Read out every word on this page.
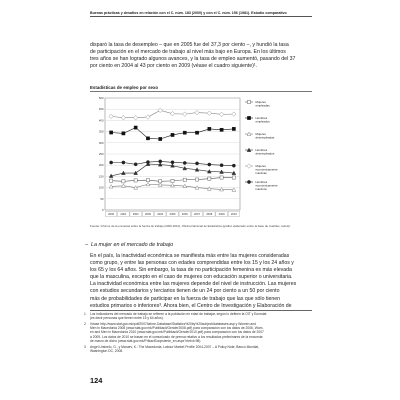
Buenas prácticas y desafíos en relación con el C. núm. 183 (2000) y con el C. núm. 156 (1981). Estudio comparativo

disparó la tasa de desempleo – que en 2005 fue del 37,3 por ciento –, y hundió la tasa
de participación en el mercado de trabajo al nivel más bajo en Europa. En los últimos
tres años se han logrado algunos avances, y la tasa de empleo aumentó, pasando del 37
por ciento en 2004 al 43 por ciento en 2009 (véase el cuadro siguiente)¹.

Estadísticas de empleo por sexo
0
50
100
150
200
250
300
350
400
450
500
2000 2001 2002 2003 2004 2005 2006 2007 2008 2009 2010
Mujeres
empleadas
Hombres
empleados
Mujeres
desempleadas
Hombres
desempleados
Mujeres
económicamente
inactivas
Hombres
económicamente
inactivos
Fuente: Informe de la encuesta sobre la fuerza de trabajo (2000-2010), Oficina Nacional de Estadística (gráfico elaborado sobre la base de cuartiles, todos)².
–  La mujer en el mercado de trabajo

En el país, la inactividad económica se manifiesta más entre las mujeres consideradas
como grupo, y entre las personas con edades comprendidas entre los 15 y los 24 años y
los 65 y los 64 años. Sin embargo, la tasa de no participación femenina es más elevada
que la masculina, excepto en el caso de mujeres con educación superior o universitaria.
La inactividad económica entre las mujeres depende del nivel de instrucción. Las mujeres
con estudios secundarios y terciarios tienen de un 24 por ciento a un 50 por ciento
más de probabilidades de participar en la fuerza de trabajo que las que sólo tienen
estudios primarios o inferiores³. Ahora bien, el Centro de Investigación y Elaboración de

1 Los indicadores del mercado de trabajo se refieren a la población en edad de trabajar, según lo definen la OIT y Eurostat
(es decir personas que tienen entre 15 y 64 años).

2 Véase http://www.stat.gov.mk/pdf/2007/lafore-Database/Statistics%20by%20subject/databases.asp y Women and
Men in Macedonia 2008 (www.stat.gov.mk/Publikacii/Gender2008.pdf) para comparación con los datos de 2006, Wom-
en and Men in Macedonia 2010 (www.stat.gov.mk/Publikacii/Gender2010.pdf) para comparación con los datos de 2007
a 2009. Los datos de 2010 se basan en el comunicado de prensa relativo a los resultados preliminares de la encuesta
de marzo de dicho (www.stat.gov.mk/PrikaziSoopstenie_en.aspx?rbrtxt=98).

3 Angel Ursinelo, G., y Maruev, K.: The Macedonia, Labour Market Profile 2004-2007 – A Policy Note, Banco Mundial,
Washington DC, 2008.

124
